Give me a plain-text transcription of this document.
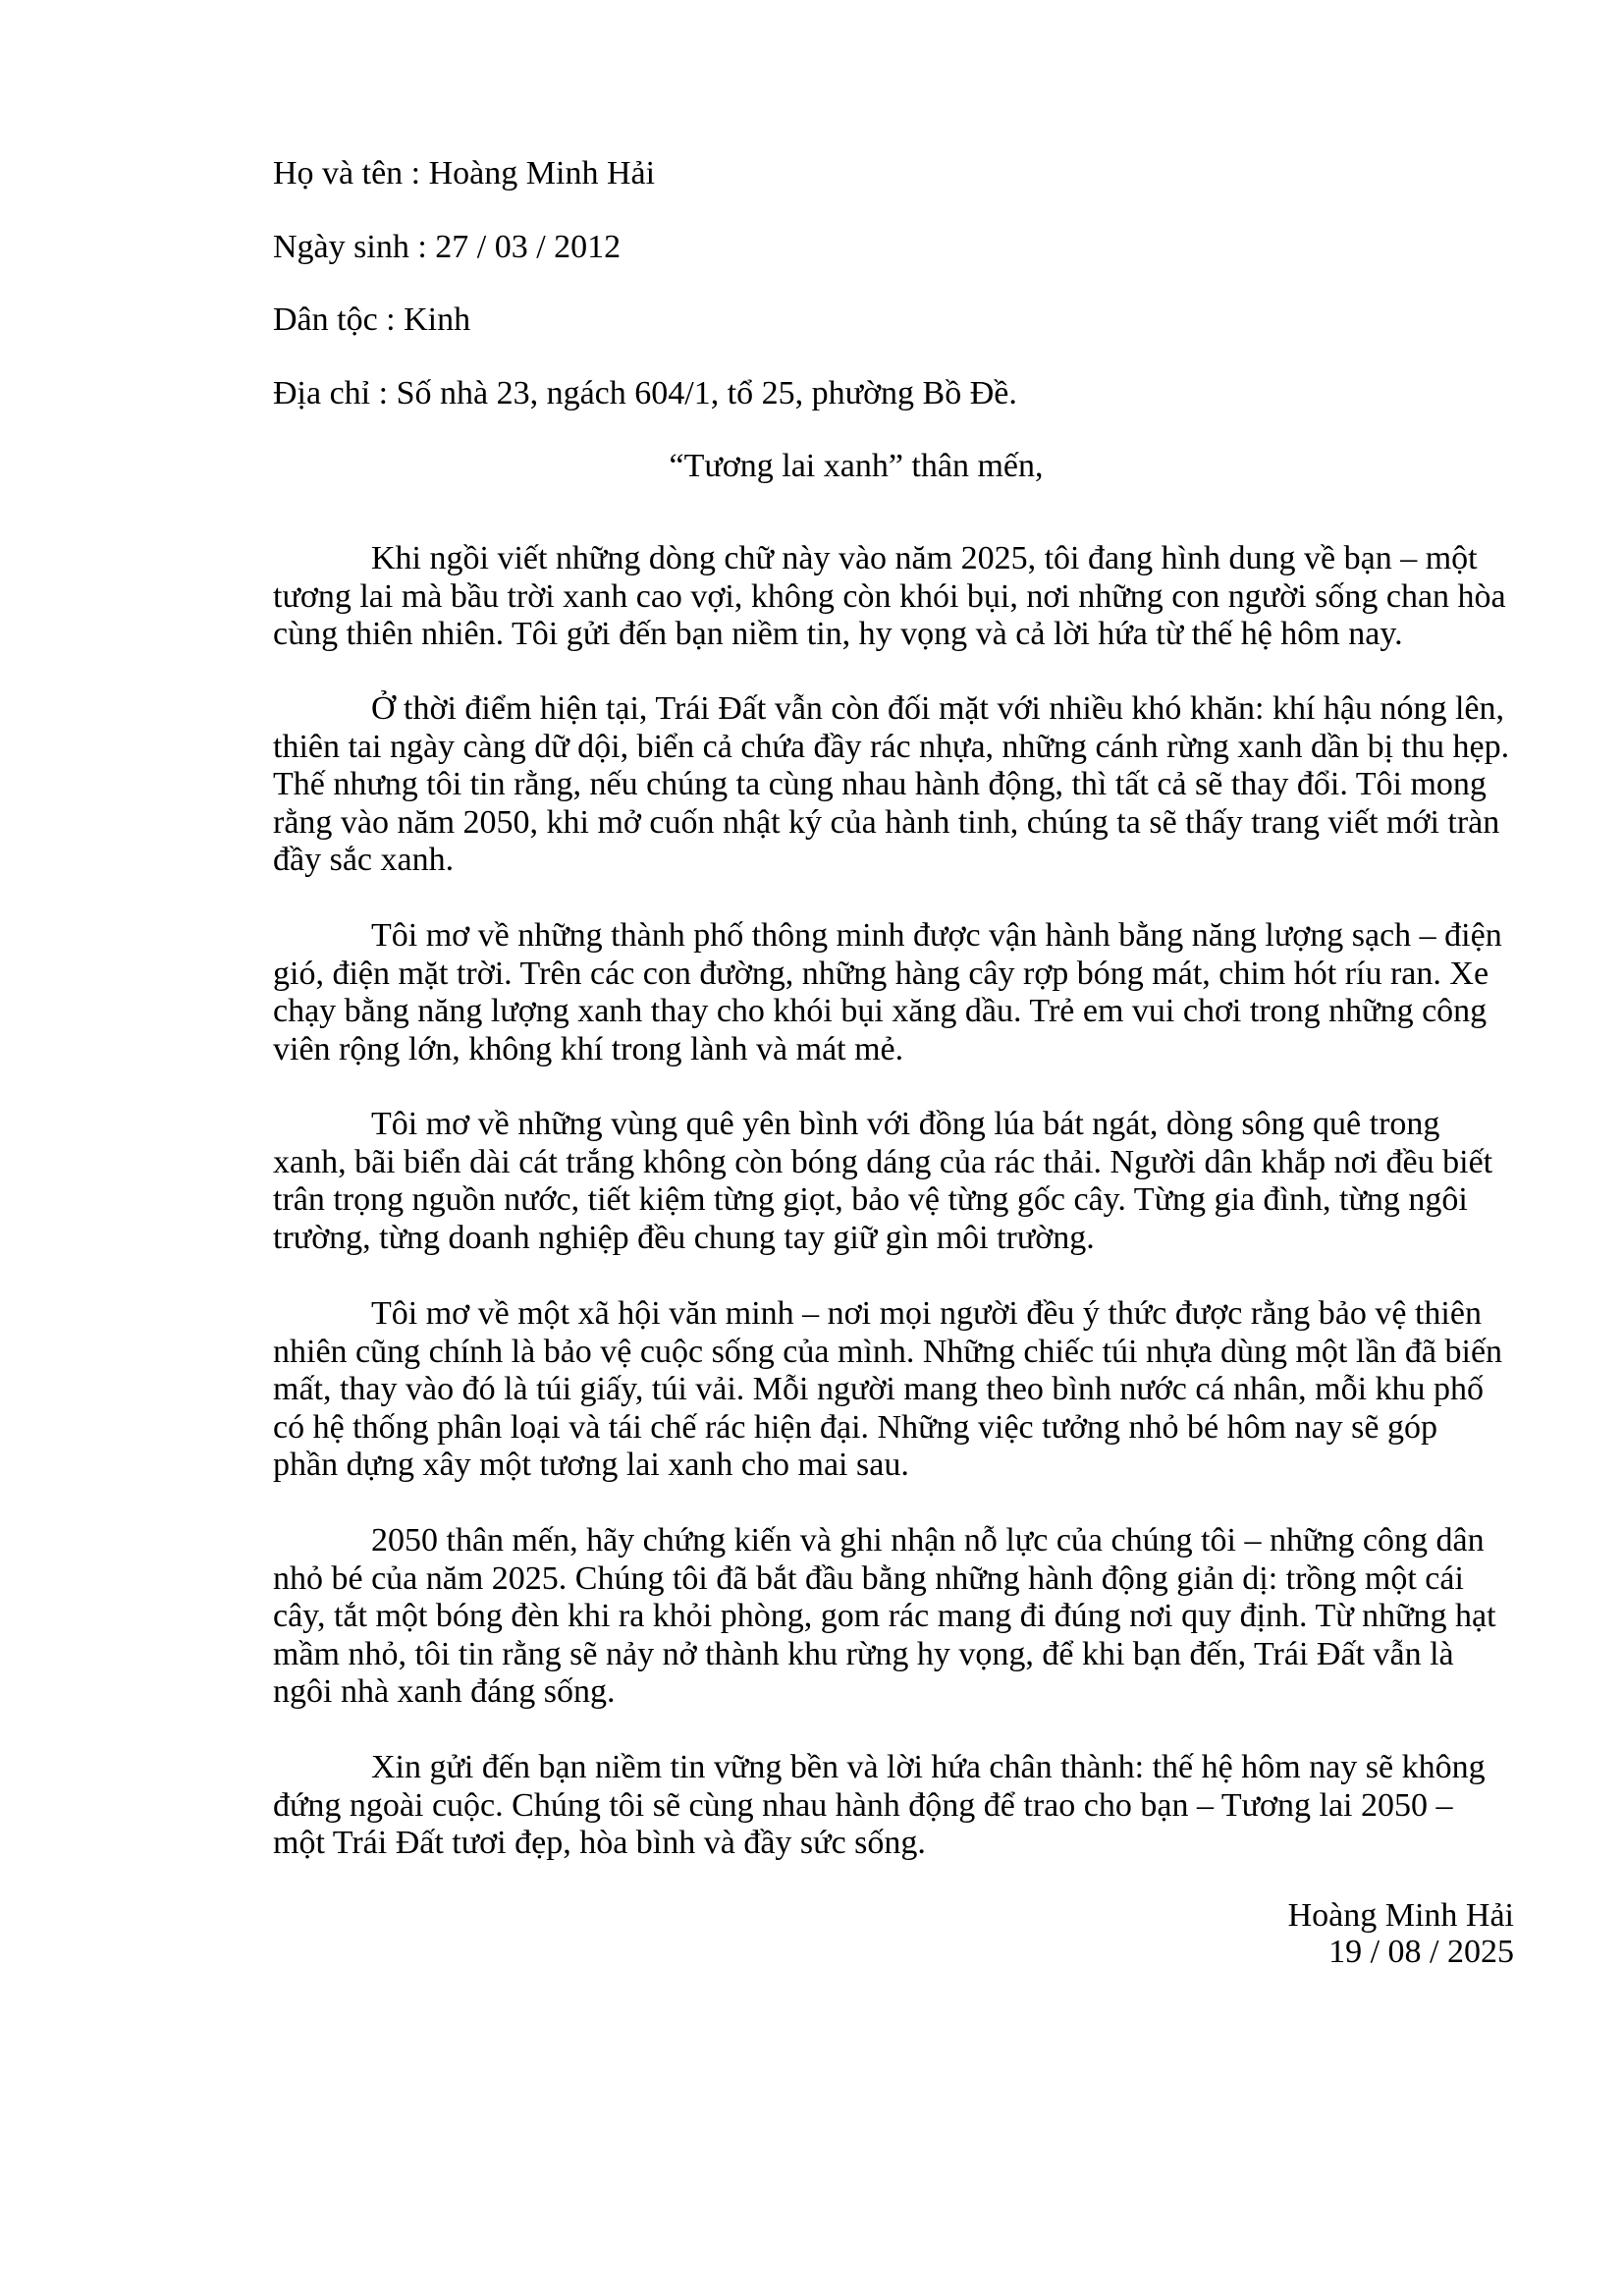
Họ và tên : Hoàng Minh Hải
Ngày sinh : 27 / 03 / 2012
Dân tộc : Kinh
Địa chỉ : Số nhà 23, ngách 604/1, tổ 25, phường Bồ Đề.
“Tương lai xanh” thân mến,

Khi ngồi viết những dòng chữ này vào năm 2025, tôi đang hình dung về bạn – một tương lai mà bầu trời xanh cao vợi, không còn khói bụi, nơi những con người sống chan hòa cùng thiên nhiên. Tôi gửi đến bạn niềm tin, hy vọng và cả lời hứa từ thế hệ hôm nay.

Ở thời điểm hiện tại, Trái Đất vẫn còn đối mặt với nhiều khó khăn: khí hậu nóng lên, thiên tai ngày càng dữ dội, biển cả chứa đầy rác nhựa, những cánh rừng xanh dần bị thu hẹp. Thế nhưng tôi tin rằng, nếu chúng ta cùng nhau hành động, thì tất cả sẽ thay đổi. Tôi mong rằng vào năm 2050, khi mở cuốn nhật ký của hành tinh, chúng ta sẽ thấy trang viết mới tràn đầy sắc xanh.

Tôi mơ về những thành phố thông minh được vận hành bằng năng lượng sạch – điện gió, điện mặt trời. Trên các con đường, những hàng cây rợp bóng mát, chim hót ríu ran. Xe chạy bằng năng lượng xanh thay cho khói bụi xăng dầu. Trẻ em vui chơi trong những công viên rộng lớn, không khí trong lành và mát mẻ.

Tôi mơ về những vùng quê yên bình với đồng lúa bát ngát, dòng sông quê trong xanh, bãi biển dài cát trắng không còn bóng dáng của rác thải. Người dân khắp nơi đều biết trân trọng nguồn nước, tiết kiệm từng giọt, bảo vệ từng gốc cây. Từng gia đình, từng ngôi trường, từng doanh nghiệp đều chung tay giữ gìn môi trường.

Tôi mơ về một xã hội văn minh – nơi mọi người đều ý thức được rằng bảo vệ thiên nhiên cũng chính là bảo vệ cuộc sống của mình. Những chiếc túi nhựa dùng một lần đã biến mất, thay vào đó là túi giấy, túi vải. Mỗi người mang theo bình nước cá nhân, mỗi khu phố có hệ thống phân loại và tái chế rác hiện đại. Những việc tưởng nhỏ bé hôm nay sẽ góp phần dựng xây một tương lai xanh cho mai sau.

2050 thân mến, hãy chứng kiến và ghi nhận nỗ lực của chúng tôi – những công dân nhỏ bé của năm 2025. Chúng tôi đã bắt đầu bằng những hành động giản dị: trồng một cái cây, tắt một bóng đèn khi ra khỏi phòng, gom rác mang đi đúng nơi quy định. Từ những hạt mầm nhỏ, tôi tin rằng sẽ nảy nở thành khu rừng hy vọng, để khi bạn đến, Trái Đất vẫn là ngôi nhà xanh đáng sống.

Xin gửi đến bạn niềm tin vững bền và lời hứa chân thành: thế hệ hôm nay sẽ không đứng ngoài cuộc. Chúng tôi sẽ cùng nhau hành động để trao cho bạn – Tương lai 2050 – một Trái Đất tươi đẹp, hòa bình và đầy sức sống.

Hoàng Minh Hải
19 / 08 / 2025
